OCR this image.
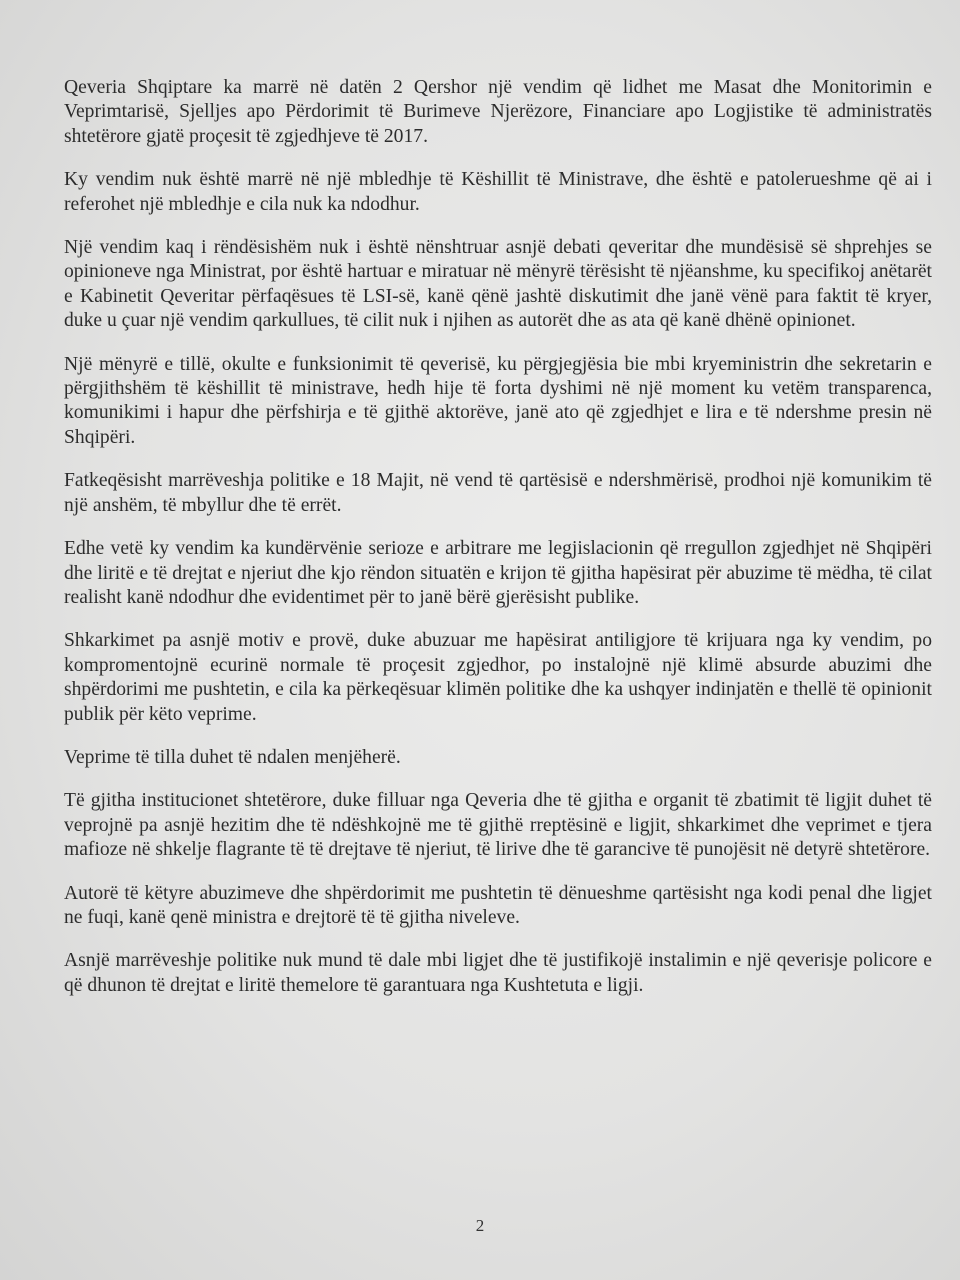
Qeveria Shqiptare ka marrë në datën 2 Qershor një vendim që lidhet me Masat dhe Monitorimin e Veprimtarisë, Sjelljes apo Përdorimit të Burimeve Njerëzore, Financiare apo Logjistike të administratës shtetërore gjatë proçesit të zgjedhjeve të 2017.

Ky vendim nuk është marrë në një mbledhje të Këshillit të Ministrave, dhe është e patolerueshme që ai i referohet një mbledhje e cila nuk ka ndodhur.

Një vendim kaq i rëndësishëm nuk i është nënshtruar asnjë debati qeveritar dhe mundësisë së shprehjes se opinioneve nga Ministrat, por është hartuar e miratuar në mënyrë tërësisht të njëanshme, ku specifikoj anëtarët e Kabinetit Qeveritar përfaqësues të LSI-së, kanë qënë jashtë diskutimit dhe janë vënë para faktit të kryer, duke u çuar një vendim qarkullues, të cilit nuk i njihen as autorët dhe as ata që kanë dhënë opinionet.

Një mënyrë e tillë, okulte e funksionimit të qeverisë, ku përgjegjësia bie mbi kryeministrin dhe sekretarin e përgjithshëm të këshillit të ministrave, hedh hije të forta dyshimi në një moment ku vetëm transparenca, komunikimi i hapur dhe përfshirja e të gjithë aktorëve, janë ato që zgjedhjet e lira e të ndershme presin në Shqipëri.

Fatkeqësisht marrëveshja politike e 18 Majit, në vend të qartësisë e ndershmërisë, prodhoi një komunikim të një anshëm, të mbyllur dhe të errët.

Edhe vetë ky vendim ka kundërvënie serioze e arbitrare me legjislacionin që rregullon zgjedhjet në Shqipëri dhe liritë e të drejtat e njeriut dhe kjo rëndon situatën e krijon të gjitha hapësirat për abuzime të mëdha, të cilat realisht kanë ndodhur dhe evidentimet për to janë bërë gjerësisht publike.

Shkarkimet pa asnjë motiv e provë, duke abuzuar me hapësirat antiligjore të krijuara nga ky vendim, po kompromentojnë ecurinë normale të proçesit zgjedhor, po instalojnë një klimë absurde abuzimi dhe shpërdorimi me pushtetin, e cila ka përkeqësuar klimën politike dhe ka ushqyer indinjatën e thellë të opinionit publik për këto veprime.

Veprime të tilla duhet të ndalen menjëherë.

Të gjitha institucionet shtetërore, duke filluar nga Qeveria dhe të gjitha e organit të zbatimit të ligjit duhet të veprojnë pa asnjë hezitim dhe të ndëshkojnë me të gjithë rreptësinë e ligjit, shkarkimet dhe veprimet e tjera mafioze në shkelje flagrante të të drejtave të njeriut, të lirive dhe të garancive të punojësit në detyrë shtetërore.

Autorë të këtyre abuzimeve dhe shpërdorimit me pushtetin të dënueshme qartësisht nga kodi penal dhe ligjet ne fuqi, kanë qenë ministra e drejtorë të të gjitha niveleve.

Asnjë marrëveshje politike nuk mund të dale mbi ligjet dhe të justifikojë instalimin e një qeverisje policore e që dhunon të drejtat e liritë themelore të garantuara nga Kushtetuta e ligji.

2
